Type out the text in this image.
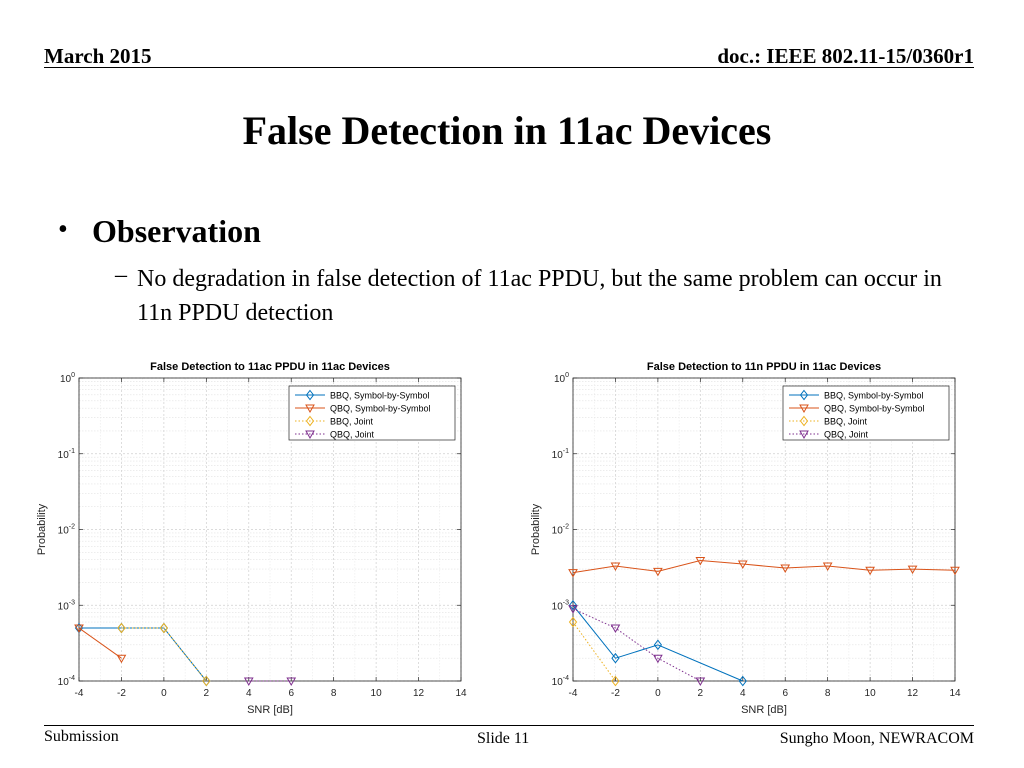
March 2015	doc.: IEEE 802.11-15/0360r1
False Detection in 11ac Devices
• Observation
– No degradation in false detection of 11ac PPDU, but the same problem can occur in 11n PPDU detection
-4	-2	0	2	4	6	8	10	12	14
$10^{-4}$
$10^{-3}$
$10^{-2}$
$10^{-1}$
$10^0$
False Detection to 11ac PPDU in 11ac Devices
SNR [dB]
Probability
BBQ, Symbol-by-Symbol
QBQ, Symbol-by-Symbol
BBQ, Joint
QBQ, Joint
-4	-2	0	2	4	6	8	10	12	14
$10^{-4}$
$10^{-3}$
$10^{-2}$
$10^{-1}$
$10^0$
False Detection to 11n PPDU in 11ac Devices
SNR [dB]
Probability
BBQ, Symbol-by-Symbol
QBQ, Symbol-by-Symbol
BBQ, Joint
QBQ, Joint
Submission	Slide 11	Sungho Moon, NEWRACOM
